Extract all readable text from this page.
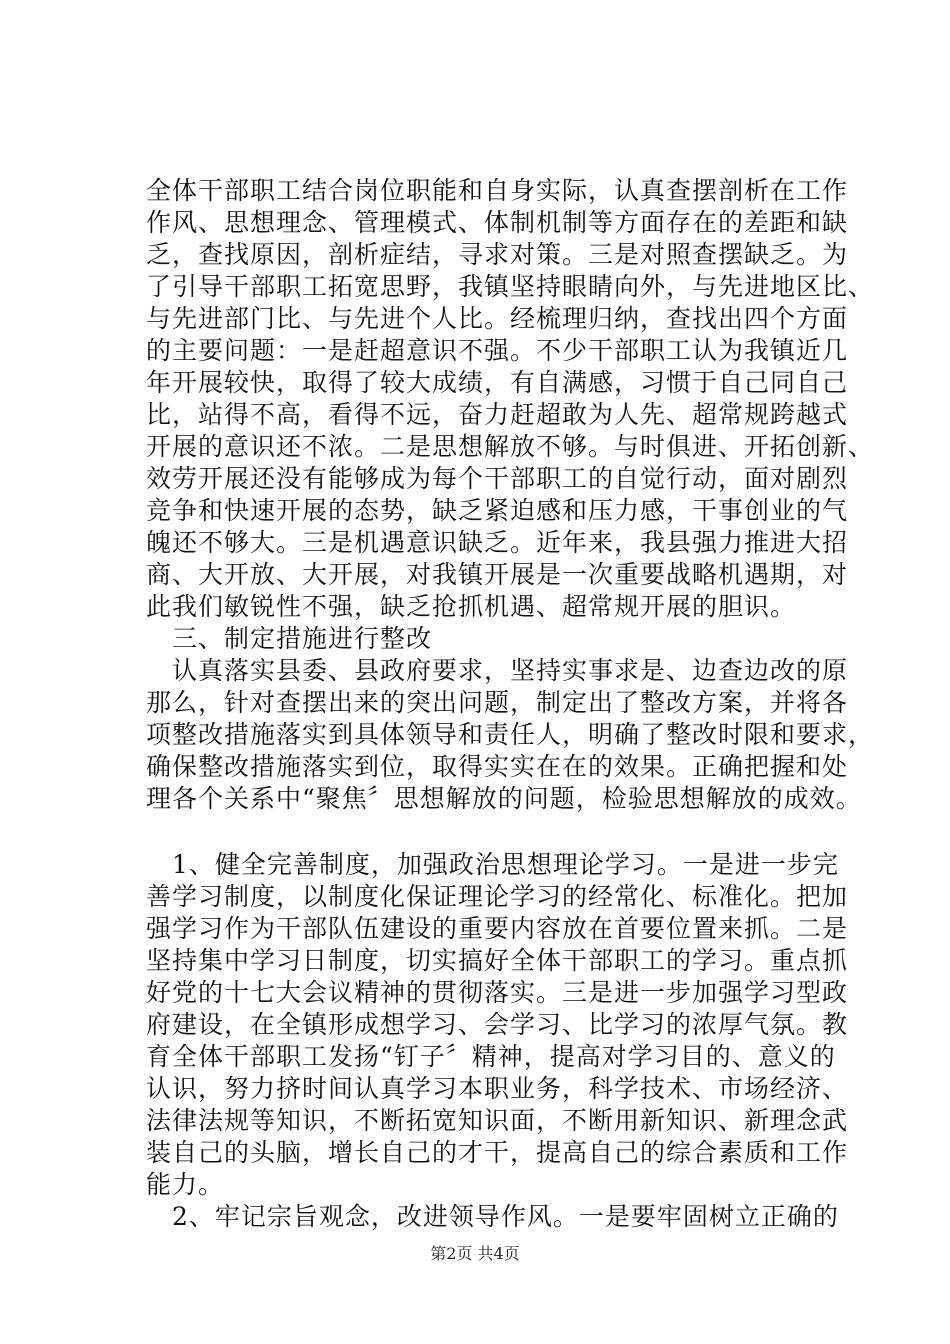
全体干部职工结合岗位职能和自身实际，认真查摆剖析在工作
作风、思想理念、管理模式、体制机制等方面存在的差距和缺
乏，查找原因，剖析症结，寻求对策。三是对照查摆缺乏。为
了引导干部职工拓宽思野，我镇坚持眼睛向外，与先进地区比、
与先进部门比、与先进个人比。经梳理归纳，查找出四个方面
的主要问题：一是赶超意识不强。不少干部职工认为我镇近几
年开展较快，取得了较大成绩，有自满感，习惯于自己同自己
比，站得不高，看得不远，奋力赶超敢为人先、超常规跨越式
开展的意识还不浓。二是思想解放不够。与时俱进、开拓创新、
效劳开展还没有能够成为每个干部职工的自觉行动，面对剧烈
竞争和快速开展的态势，缺乏紧迫感和压力感，干事创业的气
魄还不够大。三是机遇意识缺乏。近年来，我县强力推进大招
商、大开放、大开展，对我镇开展是一次重要战略机遇期，对
此我们敏锐性不强，缺乏抢抓机遇、超常规开展的胆识。
　三、制定措施进行整改
　认真落实县委、县政府要求，坚持实事求是、边查边改的原
那么，针对查摆出来的突出问题，制定出了整改方案，并将各
项整改措施落实到具体领导和责任人，明确了整改时限和要求，
确保整改措施落实到位，取得实实在在的效果。正确把握和处
理各个关系中“聚焦〞思想解放的问题，检验思想解放的成效。
　1、健全完善制度，加强政治思想理论学习。一是进一步完
善学习制度，以制度化保证理论学习的经常化、标准化。把加
强学习作为干部队伍建设的重要内容放在首要位置来抓。二是
坚持集中学习日制度，切实搞好全体干部职工的学习。重点抓
好党的十七大会议精神的贯彻落实。三是进一步加强学习型政
府建设，在全镇形成想学习、会学习、比学习的浓厚气氛。教
育全体干部职工发扬“钉子〞精神，提高对学习目的、意义的
认识，努力挤时间认真学习本职业务，科学技术、市场经济、
法律法规等知识，不断拓宽知识面，不断用新知识、新理念武
装自己的头脑，增长自己的才干，提高自己的综合素质和工作
能力。
　2、牢记宗旨观念，改进领导作风。一是要牢固树立正确的
第2页 共4页
